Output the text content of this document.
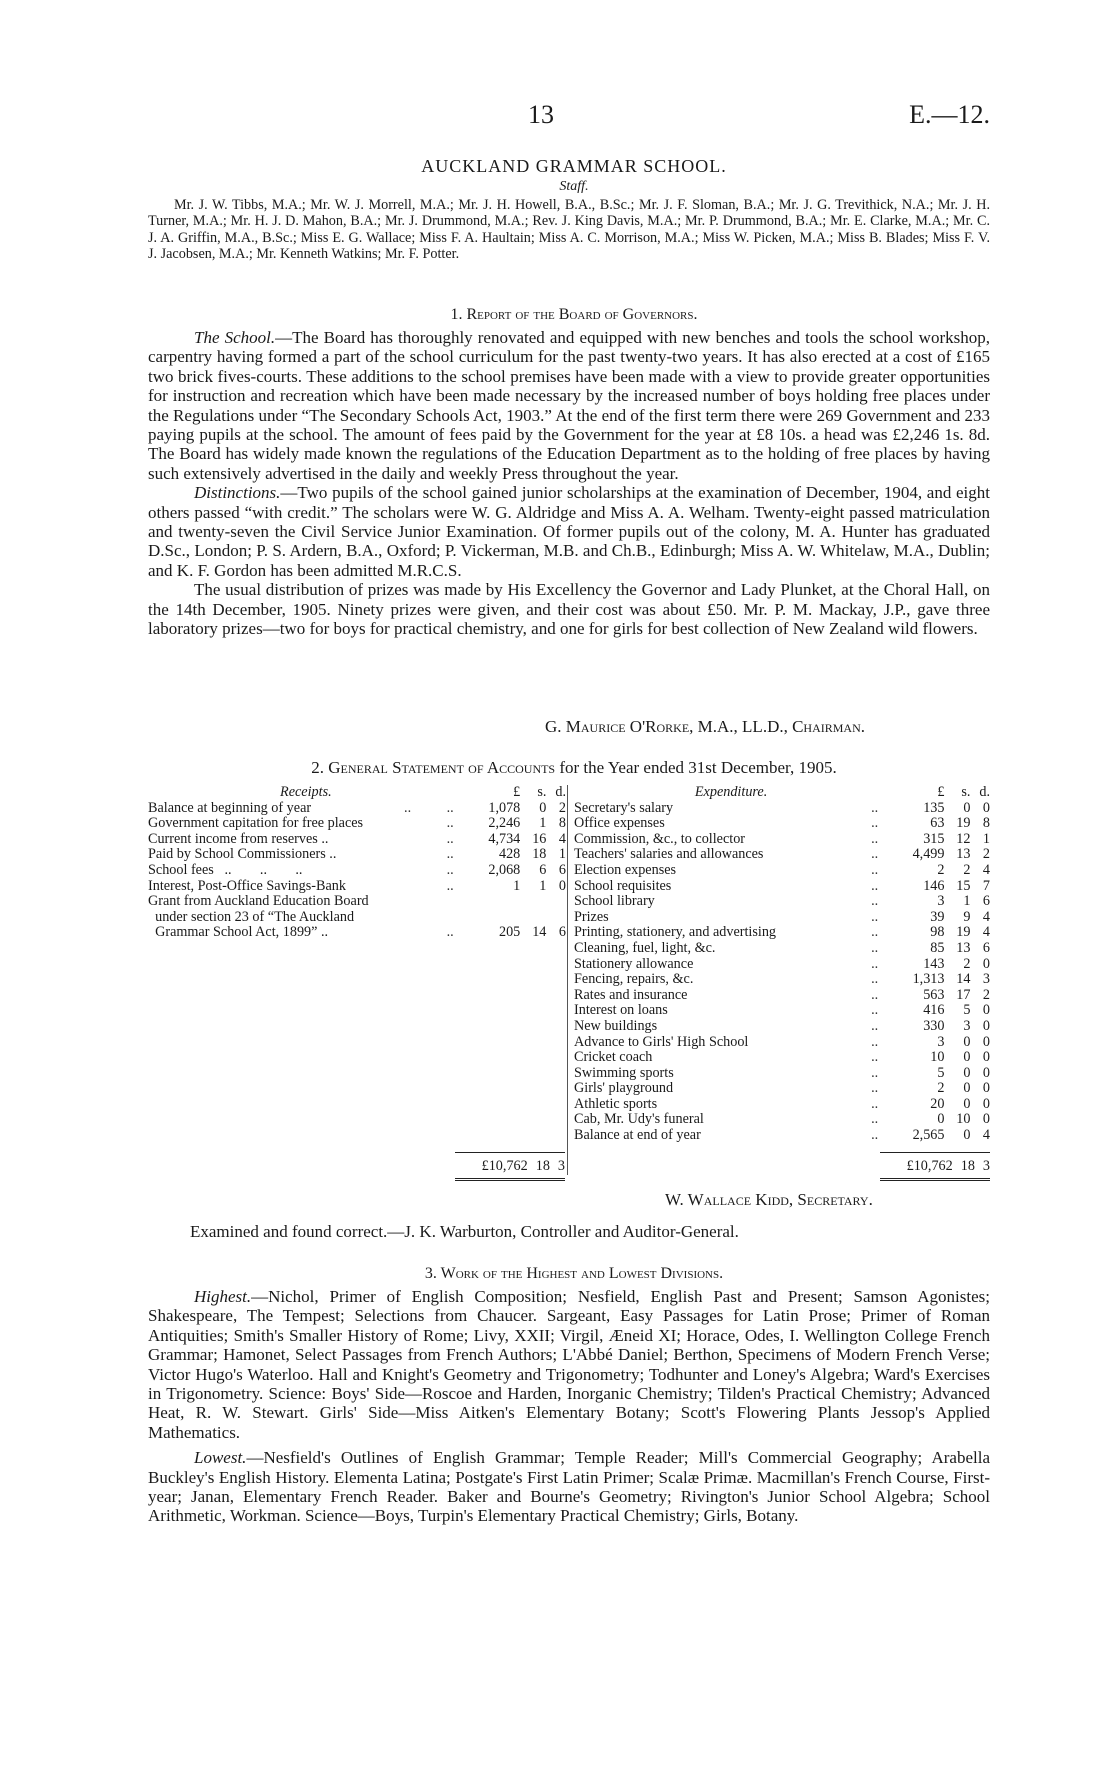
13	E.—12.
AUCKLAND GRAMMAR SCHOOL.
Staff.
Mr. J. W. Tibbs, M.A.; Mr. W. J. Morrell, M.A.; Mr. J. H. Howell, B.A., B.Sc.; Mr. J. F. Sloman, B.A.; Mr. J. G. Trevithick, N.A.; Mr. J. H. Turner, M.A.; Mr. H. J. D. Mahon, B.A.; Mr. J. Drummond, M.A.; Rev. J. King Davis, M.A.; Mr. P. Drummond, B.A.; Mr. E. Clarke, M.A.; Mr. C. J. A. Griffin, M.A., B.Sc.; Miss E. G. Wallace; Miss F. A. Haultain; Miss A. C. Morrison, M.A.; Miss W. Picken, M.A.; Miss B. Blades; Miss F. V. J. Jacobsen, M.A.; Mr. Kenneth Watkins; Mr. F. Potter.
1. Report of the Board of Governors.

The School.—The Board has thoroughly renovated and equipped with new benches and tools the school workshop, carpentry having formed a part of the school curriculum for the past twenty-two years. It has also erected at a cost of £165 two brick fives-courts. These additions to the school premises have been made with a view to provide greater opportunities for instruction and recreation which have been made necessary by the increased number of boys holding free places under the Regulations under “The Secondary Schools Act, 1903.” At the end of the first term there were 269 Government and 233 paying pupils at the school. The amount of fees paid by the Government for the year at £8 10s. a head was £2,246 1s. 8d. The Board has widely made known the regulations of the Education Department as to the holding of free places by having such extensively advertised in the daily and weekly Press throughout the year.

Distinctions.—Two pupils of the school gained junior scholarships at the examination of December, 1904, and eight others passed “with credit.” The scholars were W. G. Aldridge and Miss A. A. Welham. Twenty-eight passed matriculation and twenty-seven the Civil Service Junior Examination. Of former pupils out of the colony, M. A. Hunter has graduated D.Sc., London; P. S. Ardern, B.A., Oxford; P. Vickerman, M.B. and Ch.B., Edinburgh; Miss A. W. Whitelaw, M.A., Dublin; and K. F. Gordon has been admitted M.R.C.S.

The usual distribution of prizes was made by His Excellency the Governor and Lady Plunket, at the Choral Hall, on the 14th December, 1905. Ninety prizes were given, and their cost was about £50. Mr. P. M. Mackay, J.P., gave three laboratory prizes—two for boys for practical chemistry, and one for girls for best collection of New Zealand wild flowers.

G. Maurice O'Rorke, M.A., LL.D., Chairman.
2. General Statement of Accounts for the Year ended 31st December, 1905.
Receipts.	£	s.	d.
Balance at beginning of year ..          ..	1,078	0	2
Government capitation for free places ..	2,246	1	8
Current income from reserves .. ..	4,734	16	4
Paid by School Commissioners .. ..	428	18	1
School fees   ..        ..        .. ..	2,068	6	6
Interest, Post-Office Savings-Bank ..	1	1	0
Grant from Auckland Education Board			
under section 23 of “The Auckland			
Grammar School Act, 1899” .. ..	205	14	6
Expenditure.	£	s.	d.
Secretary's salary ..	135	0	0
Office expenses ..	63	19	8
Commission, &c., to collector ..	315	12	1
Teachers' salaries and allowances ..	4,499	13	2
Election expenses ..	2	2	4
School requisites ..	146	15	7
School library ..	3	1	6
Prizes ..	39	9	4
Printing, stationery, and advertising ..	98	19	4
Cleaning, fuel, light, &c. ..	85	13	6
Stationery allowance ..	143	2	0
Fencing, repairs, &c. ..	1,313	14	3
Rates and insurance ..	563	17	2
Interest on loans ..	416	5	0
New buildings ..	330	3	0
Advance to Girls' High School ..	3	0	0
Cricket coach ..	10	0	0
Swimming sports ..	5	0	0
Girls' playground ..	2	0	0
Athletic sports ..	20	0	0
Cab, Mr. Udy's funeral ..	0	10	0
Balance at end of year ..	2,565	0	4
£10,762 18 3	£10,762 18 3
W. Wallace Kidd, Secretary.
Examined and found correct.—J. K. Warburton, Controller and Auditor-General.
3. Work of the Highest and Lowest Divisions.

Highest.—Nichol, Primer of English Composition; Nesfield, English Past and Present; Samson Agonistes; Shakespeare, The Tempest; Selections from Chaucer. Sargeant, Easy Passages for Latin Prose; Primer of Roman Antiquities; Smith's Smaller History of Rome; Livy, XXII; Virgil, Æneid XI; Horace, Odes, I. Wellington College French Grammar; Hamonet, Select Passages from French Authors; L'Abbé Daniel; Berthon, Specimens of Modern French Verse; Victor Hugo's Waterloo. Hall and Knight's Geometry and Trigonometry; Todhunter and Loney's Algebra; Ward's Exercises in Trigonometry. Science: Boys' Side—Roscoe and Harden, Inorganic Chemistry; Tilden's Practical Chemistry; Advanced Heat, R. W. Stewart. Girls' Side—Miss Aitken's Elementary Botany; Scott's Flowering Plants Jessop's Applied Mathematics.

Lowest.—Nesfield's Outlines of English Grammar; Temple Reader; Mill's Commercial Geography; Arabella Buckley's English History. Elementa Latina; Postgate's First Latin Primer; Scalæ Primæ. Macmillan's French Course, First-year; Janan, Elementary French Reader. Baker and Bourne's Geometry; Rivington's Junior School Algebra; School Arithmetic, Workman. Science—Boys, Turpin's Elementary Practical Chemistry; Girls, Botany.
